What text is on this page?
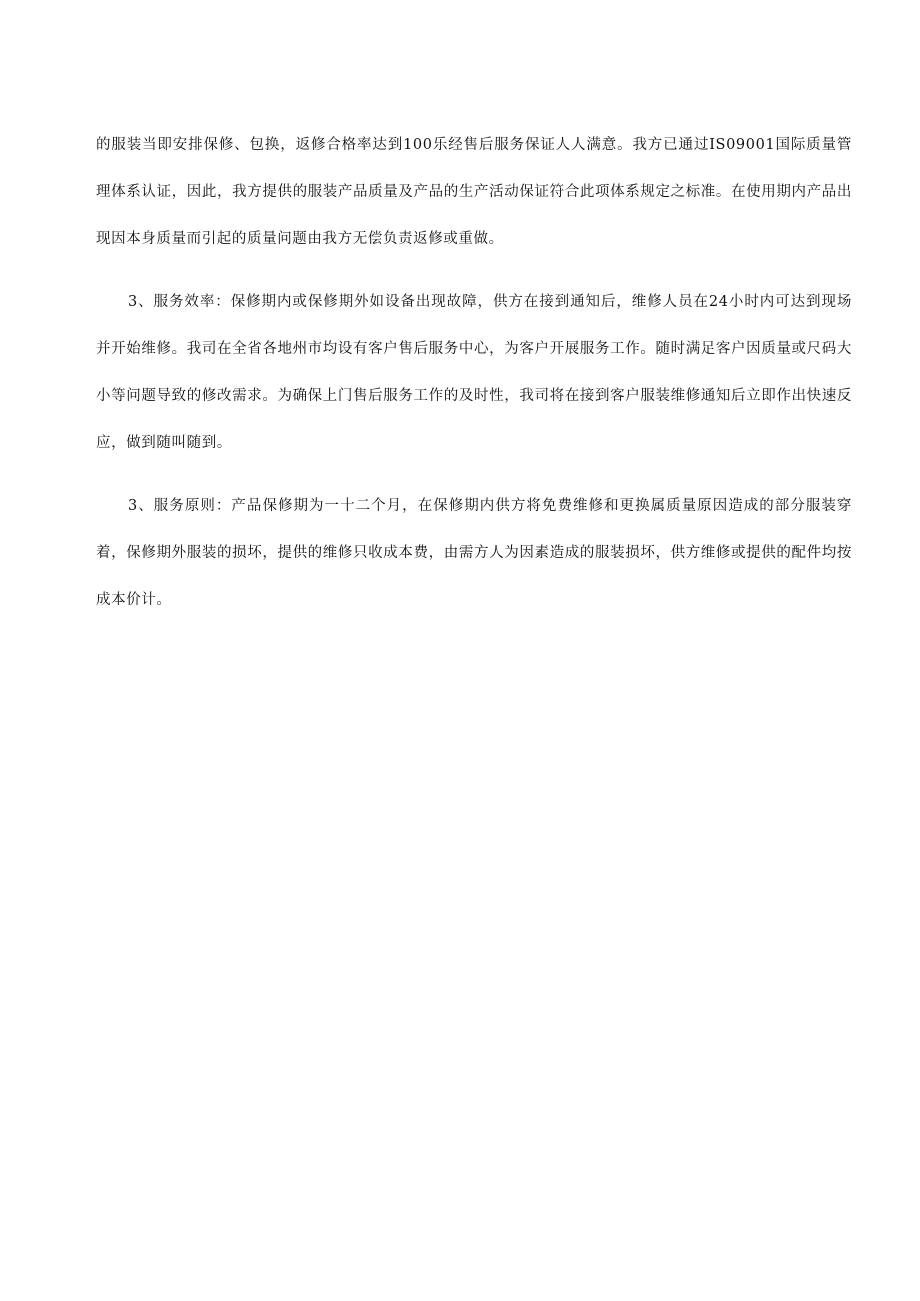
的服装当即安排保修、包换，返修合格率达到100乐经售后服务保证人人满意。我方已通过IS09001国际质量管理体系认证，因此，我方提供的服装产品质量及产品的生产活动保证符合此项体系规定之标准。在使用期内产品出现因本身质量而引起的质量问题由我方无偿负责返修或重做。

3、服务效率：保修期内或保修期外如设备出现故障，供方在接到通知后，维修人员在24小时内可达到现场并开始维修。我司在全省各地州市均设有客户售后服务中心，为客户开展服务工作。随时满足客户因质量或尺码大小等问题导致的修改需求。为确保上门售后服务工作的及时性，我司将在接到客户服装维修通知后立即作出快速反应，做到随叫随到。

3、服务原则：产品保修期为一十二个月，在保修期内供方将免费维修和更换属质量原因造成的部分服装穿着，保修期外服装的损坏，提供的维修只收成本费，由需方人为因素造成的服装损坏，供方维修或提供的配件均按成本价计。
